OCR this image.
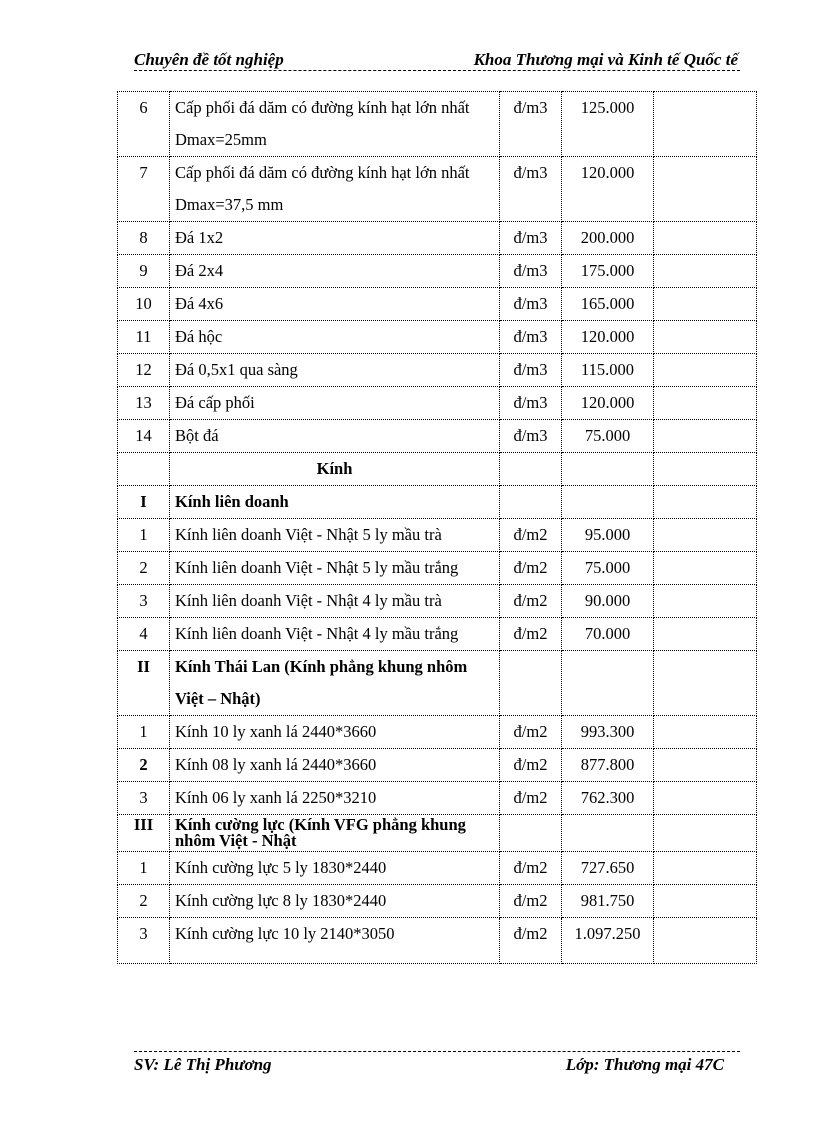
Chuyên đề tốt nghiệp	Khoa Thương mại và Kinh tế Quốc tế
6	Cấp phối đá dăm có đường kính hạt lớn nhất Dmax=25mm	đ/m3	125.000	
7	Cấp phối đá dăm có đường kính hạt lớn nhất Dmax=37,5 mm	đ/m3	120.000	
8	Đá 1x2	đ/m3	200.000	
9	Đá 2x4	đ/m3	175.000	
10	Đá 4x6	đ/m3	165.000	
11	Đá hộc	đ/m3	120.000	
12	Đá 0,5x1 qua sàng	đ/m3	115.000	
13	Đá cấp phối	đ/m3	120.000	
14	Bột đá	đ/m3	75.000	
	Kính			
I	Kính liên doanh			
1	Kính liên doanh Việt - Nhật 5 ly mầu trà	đ/m2	95.000	
2	Kính liên doanh Việt - Nhật 5 ly mầu trắng	đ/m2	75.000	
3	Kính liên doanh Việt - Nhật 4 ly mầu trà	đ/m2	90.000	
4	Kính liên doanh Việt - Nhật 4 ly mầu trắng	đ/m2	70.000	
II	Kính Thái Lan (Kính phẳng khung nhôm Việt – Nhật)			
1	Kính 10 ly xanh lá 2440*3660	đ/m2	993.300	
2	Kính 08 ly xanh lá 2440*3660	đ/m2	877.800	
3	Kính 06 ly xanh lá 2250*3210	đ/m2	762.300	
III	Kính cường lực (Kính VFG phẳng khung nhôm Việt - Nhật			
1	Kính cường lực 5 ly 1830*2440	đ/m2	727.650	
2	Kính cường lực 8 ly 1830*2440	đ/m2	981.750	
3	Kính cường lực 10 ly 2140*3050	đ/m2	1.097.250	
SV: Lê Thị Phương	Lớp: Thương mại 47C
